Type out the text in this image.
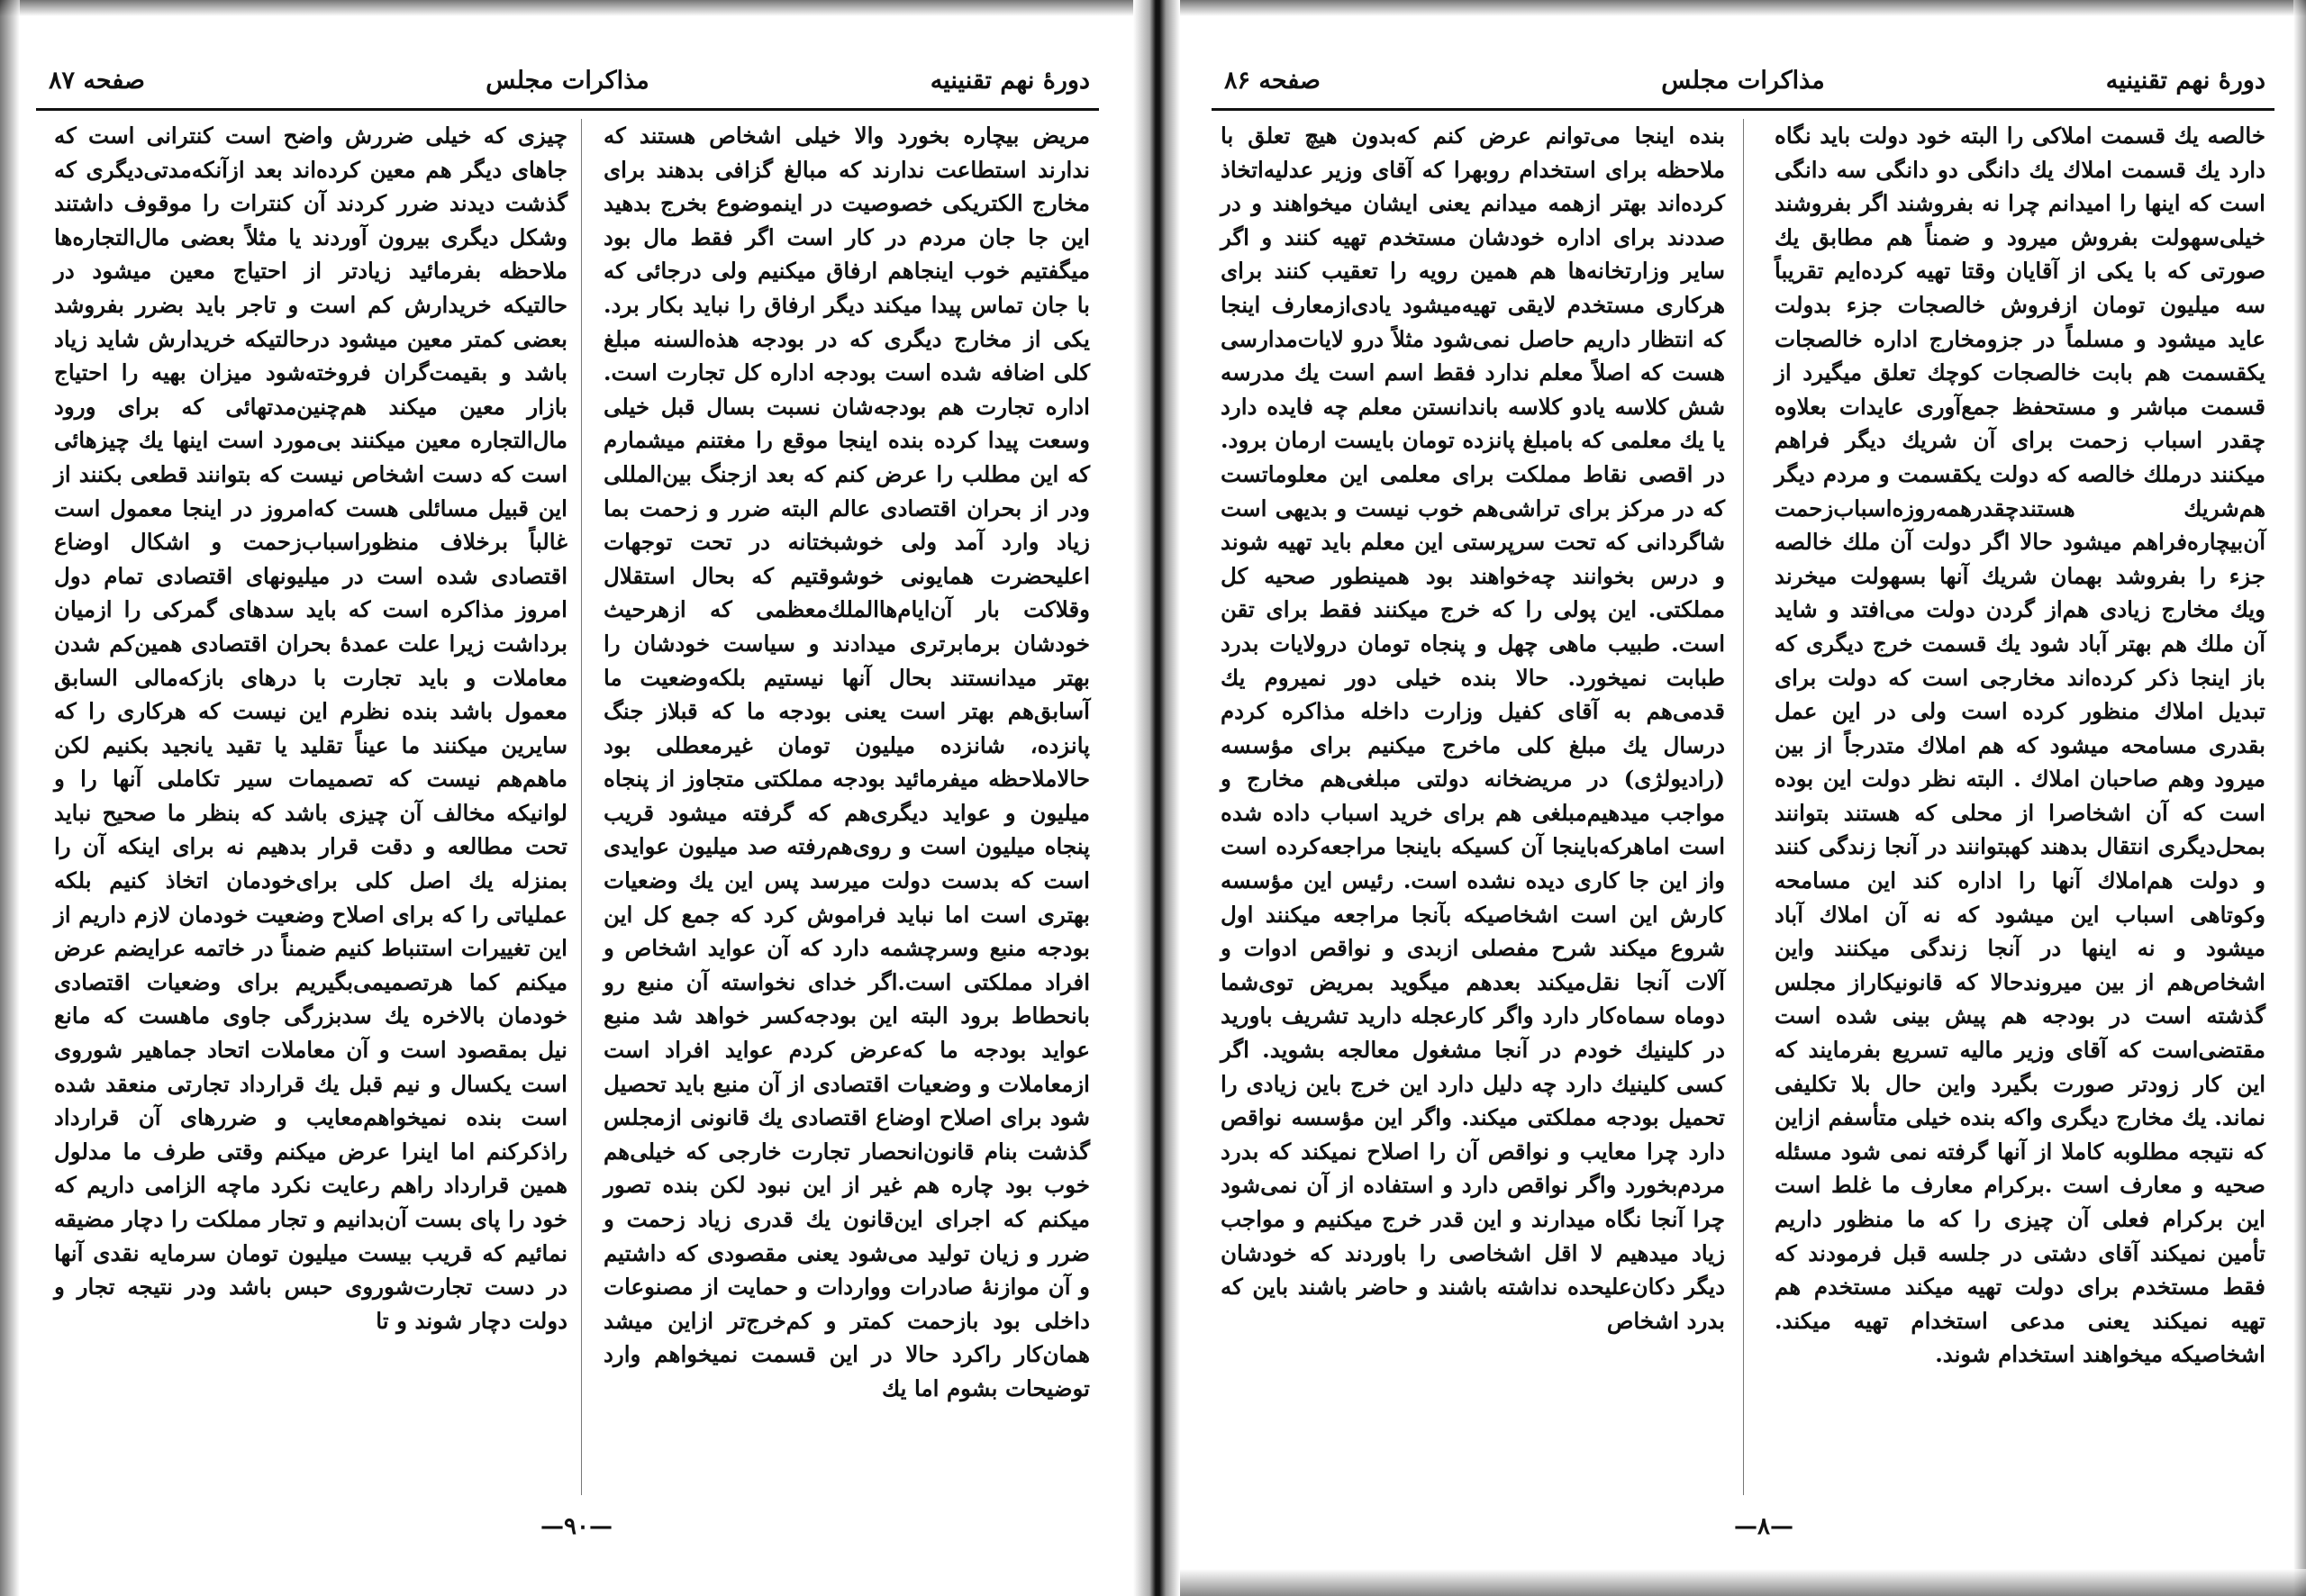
دورهٔ نهم تقنینیه
مذاکرات مجلس
صفحه ۸۷

مریض بیچاره بخورد والا خیلی اشخاص هستند که ندارند استطاعت ندارند که مبالغ گزافی بدهند برای مخارج الکتریکی خصوصیت در اینموضوع بخرج بدهید این جا جان مردم در کار است اگر فقط مال بود میگفتیم خوب اینجاهم ارفاق میکنیم ولی درجائی که با جان تماس پیدا میکند دیگر ارفاق را نباید بکار برد. یکی از مخارج دیگری که در بودجه هذه‌السنه مبلغ کلی اضافه شده است بودجه اداره کل تجارت است. اداره تجارت هم بودجه‌شان نسبت بسال قبل خیلی وسعت پیدا کرده بنده اینجا موقع را مغتنم میشمارم که این مطلب را عرض کنم که بعد ازجنگ بین‌المللی ودر از بحران اقتصادی عالم البته ضرر و زحمت بما زیاد وارد آمد ولی خوشبختانه در تحت توجهات اعلیحضرت همایونی خوشوقتیم که بحال استقلال وقلاکت بار آن‌ایام‌ها‌الملك‌معظمی که ازهرحیث خودشان برمابرتری میدادند و سیاست خودشان را بهتر میدانستند بحال آنها نیستیم بلکه‌وضعیت ما آسابق‌هم بهتر است یعنی بودجه ما که قبلاز جنگ پانزده، شانزده میلیون تومان غیرمعطلی بود حالاملاحظه میفرمائید بودجه مملکتی متجاوز از پنجاه میلیون و عواید دیگری‌هم که گرفته میشود قریب پنجاه میلیون است و روی‌هم‌رفته صد میلیون عوایدی است که بدست دولت میرسد پس این یك وضعیات بهتری است اما نباید فراموش کرد که جمع کل این بودجه منبع وسرچشمه دارد که آن عواید اشخاص و افراد مملکتی است.اگر خدای نخواسته آن منبع رو بانحطاط برود البته این بودجه‌کسر خواهد شد منبع عواید بودجه ما که‌عرض کردم عواید افراد است ازمعاملات و وضعیات اقتصادی از آن منبع باید تحصیل شود برای اصلاح اوضاع اقتصادی یك قانونی ازمجلس گذشت بنام قانون‌انحصار تجارت خارجی که خیلی‌هم خوب بود چاره هم غیر از این نبود لکن بنده تصور میکنم که اجرای این‌قانون یك قدری زیاد زحمت و ضرر و زیان تولید می‌شود یعنی مقصودی که داشتیم و آن موازنهٔ صادرات وواردات و حمایت از مصنوعات داخلی بود بازحمت کمتر و کم‌خرج‌تر ازاین میشد همان‌کار راکرد حالا در این قسمت نمیخواهم وارد توضیحات بشوم اما یك

چیزی که خیلی ضررش واضح است کنترانی است که جاهای دیگر هم معین کرده‌اند بعد ازآنکه‌مدتی‌دیگری که گذشت دیدند ضرر کردند آن کنترات را موقوف داشتند وشکل دیگری بیرون آوردند یا مثلاً بعضی مال‌التجاره‌ها ملاحظه بفرمائید زیادتر از احتیاج معین میشود در حالتیکه خریدارش کم است و تاجر باید بضرر بفروشد بعضی کمتر معین میشود درحالتیکه خریدارش شاید زیاد باشد و بقیمت‌گران فروخته‌شود میزان بهیه را احتیاج بازار معین میکند هم‌چنین‌مدتهائی که برای ورود مال‌التجاره معین میکنند بی‌مورد است اینها یك چیزهائی است که دست اشخاص نیست که بتوانند قطعی بکنند از این قبیل مسائلی هست که‌امروز در اینجا معمول است غالباً برخلاف منظوراسباب‌زحمت و اشکال اوضاع اقتصادی شده است در میلیونهای اقتصادی تمام دول امروز مذاکره است که باید سدهای گمرکی را ازمیان برداشت زیرا علت عمدهٔ بحران اقتصادی همین‌کم شدن معاملات و باید تجارت با درهای بازکه‌مالی السابق معمول باشد بنده نظرم این نیست که هرکاری را که سایرین میکنند ما عیناً تقلید یا تقید یانجید بکنیم لکن ماهم‌هم نیست که تصمیمات سیر تکاملی آنها را و لوانیکه مخالف آن چیزی باشد که بنظر ما صحیح نباید تحت مطالعه و دقت قرار بدهیم نه برای اینکه آن را بمنزله یك اصل کلی برای‌خودمان اتخاذ کنیم بلکه عملیاتی را که برای اصلاح وضعیت خودمان لازم داریم از این تغییرات استنباط کنیم ضمناً در خاتمه عرایضم عرض میکنم کما هرتصمیمی‌بگیریم برای وضعیات اقتصادی خودمان بالاخره یك سدبزرگی جاوی ماهست که مانع نیل بمقصود است و آن معاملات اتحاد جماهیر شوروی است یکسال و نیم قبل یك قرارداد تجارتی منعقد شده است بنده نمیخواهم‌معایب و ضررهای آن قرارداد راذکرکنم اما اینرا عرض میکنم وقتی طرف ما مدلول همین قرارداد راهم رعایت نکرد ماچه الزامی داریم که خود را پای بست آن‌بدانیم و تجار مملکت را دچار مضیقه نمائیم که قریب بیست میلیون تومان سرمایه نقدی آنها در دست تجارت‌شوروی حبس باشد ودر نتیجه تجار و دولت دچار شوند و تا

—۹۰—
دورهٔ نهم تقنینیه
مذاکرات مجلس
صفحه ۸۶

خالصه یك قسمت املاکی را البته خود دولت باید نگاه دارد یك قسمت املاك یك دانگی دو دانگی سه دانگی است که اینها را امیدانم چرا نه بفروشند اگر بفروشند خیلی‌سهولت بفروش میرود و ضمناً هم مطابق یك صورتی که با یکی از آقایان وقتا تهیه کرده‌ایم تقریباً سه میلیون تومان ازفروش خالصجات جزء بدولت عاید میشود و مسلماً در جزو‌مخارج اداره خالصجات یکقسمت هم بابت خالصجات کوچك تعلق میگیرد از قسمت مباشر و مستحفظ جمع‌آوری عایدات بعلاوه چقدر اسباب زحمت برای آن شریك دیگر فراهم میکنند درملك خالصه که دولت یکقسمت و مردم دیگر هم‌شریك هستندچقدرهمه‌روزه‌اسباب‌زحمت آن‌بیچاره‌فراهم میشود حالا اگر دولت آن ملك خالصه جزء را بفروشد بهمان شریك آنها بسهولت میخرند ویك مخارج زیادی هم‌از گردن دولت می‌افتد و شاید آن ملك هم بهتر آباد شود یك قسمت خرج دیگری که باز اینجا ذکر کرده‌اند مخارجی است که دولت برای تبدیل املاك منظور کرده است ولی در این عمل بقدری مسامحه میشود که هم املاك متدرجاً از بین میرود وهم صاحبان املاك . البته نظر دولت این بوده است که آن اشخاصرا از محلی که هستند بتوانند بمحل‌دیگری انتقال بدهند کهبتوانند در آنجا زندگی کنند و دولت هم‌املاك آنها را اداره کند این مسامحه وکوتاهی اسباب این میشود که نه آن املاك آباد میشود و نه اینها در آنجا زندگی میکنند واین اشخاص‌هم از بین میروندحالا که قانونیکاراز مجلس گذشته است در بودجه هم پیش بینی شده است مقتضی‌است که آقای وزیر مالیه تسریع بفرمایند که این کار زودتر صورت بگیرد واین حال بلا تکلیفی نماند. یك مخارج دیگری واکه بنده خیلی متأسفم ازاین که نتیجه مطلوبه کاملا از آنها گرفته نمی شود مسئله صحیه و معارف است .برکرام معارف ما غلط است این برکرام فعلی آن چیزی را که ما منظور داریم تأمین نمیکند آقای دشتی در جلسه قبل فرمودند که فقط مستخدم برای دولت تهیه میکند مستخدم هم تهیه نمیکند یعنی مدعی استخدام تهیه میکند. اشخاصیکه میخواهند استخدام شوند.

بنده اینجا می‌توانم عرض کنم که‌بدون هیچ تعلق با ملاحظه برای استخدام روبهرا که آقای وزیر عدلیه‌اتخاذ کرده‌اند بهتر ازهمه میدانم یعنی ایشان میخواهند و در صددند برای اداره خودشان مستخدم تهیه کنند و اگر سایر وزارتخانه‌ها هم همین رویه را تعقیب کنند برای هرکاری مستخدم لایقی تهیه‌میشود یادی‌ازمعارف اینجا که انتظار داریم حاصل نمی‌شود مثلاً درو لایات‌مدارسی هست که اصلاً معلم ندارد فقط اسم است یك مدرسه شش کلاسه یادو کلاسه باندانستن معلم چه فایده دارد یا یك معلمی که بامبلغ پانزده تومان بایست ارمان برود. در اقصی نقاط مملکت برای معلمی این معلوماتست که در مرکز برای تراشی‌هم خوب نیست و بدیهی است شاگردانی که تحت سرپرستی این معلم باید تهیه شوند و درس بخوانند چه‌خواهند بود همینطور صحیه کل مملکتی. این پولی را که خرج میکنند فقط برای تقن است. طبیب ماهی چهل و پنجاه تومان درولایات بدرد طبابت نمیخورد. حالا بنده خیلی دور نمیروم یك قدمی‌هم به آقای کفیل وزارت داخله مذاکره کردم درسال یك مبلغ کلی ماخرج میکنیم برای مؤسسه (رادیولژی) در مریضخانه دولتی مبلغی‌هم مخارج و مواجب میدهیم‌مبلغی هم برای خرید اسباب داده شده است اماهرکه‌باینجا آن کسیکه باینجا مراجعه‌کرده است واز این جا کاری دیده نشده است. رئیس این مؤسسه کارش این است اشخاصیکه بآنجا مراجعه میکنند اول شروع میکند شرح مفصلی ازبدی و نواقص ادوات و آلات آنجا نقل‌میکند بعدهم میگوید بمریض توی‌شما دوماه سماه‌کار دارد واگر کارعجله دارید تشریف باورید در کلینیك خودم در آنجا مشغول معالجه بشوید. اگر کسی کلینیك دارد چه دلیل دارد این خرج باین زیادی را تحمیل بودجه مملکتی میکند. واگر این مؤسسه نواقص دارد چرا معایب و نواقص آن را اصلاح نمیکند که بدرد مردم‌بخورد واگر نواقص دارد و استفاده از آن نمی‌شود چرا آنجا نگاه میدارند و این قدر خرج میکنیم و مواجب زیاد میدهیم لا اقل اشخاصی را باوردند که خودشان دیگر دکان‌علیحده نداشته باشند و حاضر باشند باین که بدرد اشخاص

—۸—
